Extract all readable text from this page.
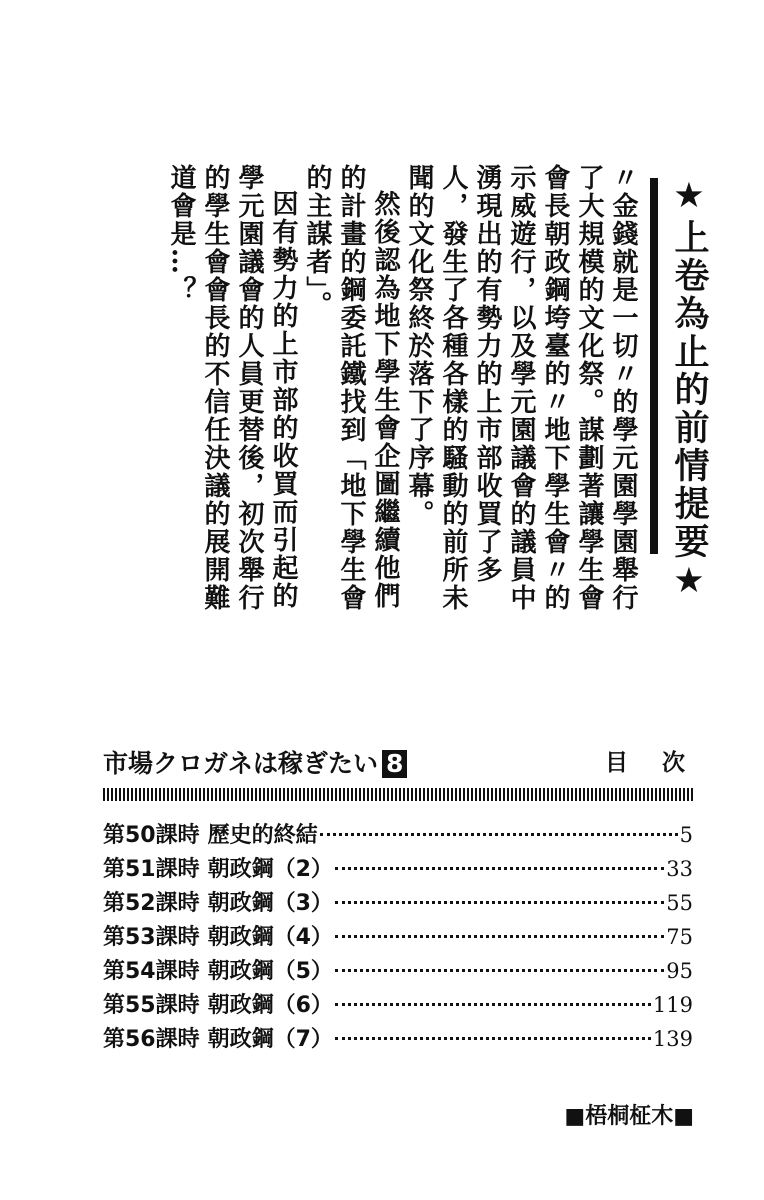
★上卷為止的前情提要★

〃金錢就是一切〃的學元園學園舉行了大規模的文化祭。謀劃著讓學生會會長朝政鋼垮臺的〃地下學生會〃的示威遊行，以及學元園議會的議員中湧現出的有勢力的上市部收買了多人，發生了各種各樣的騷動的前所未聞的文化祭終於落下了序幕。

然後認為地下學生會企圖繼續他們的計畫的鋼委託鐵找到「地下學生會的主謀者」。

因有勢力的上市部的收買而引起的學元園議會的人員更替後，初次舉行的學生會會長的不信任決議的展開難道會是…？

市場クロガネは稼ぎたい 8	目 次
第50課時 歷史的終結	5
第51課時 朝政鋼（2）	33
第52課時 朝政鋼（3）	55
第53課時 朝政鋼（4）	75
第54課時 朝政鋼（5）	95
第55課時 朝政鋼（6）	119
第56課時 朝政鋼（7）	139
■梧桐柾木■
